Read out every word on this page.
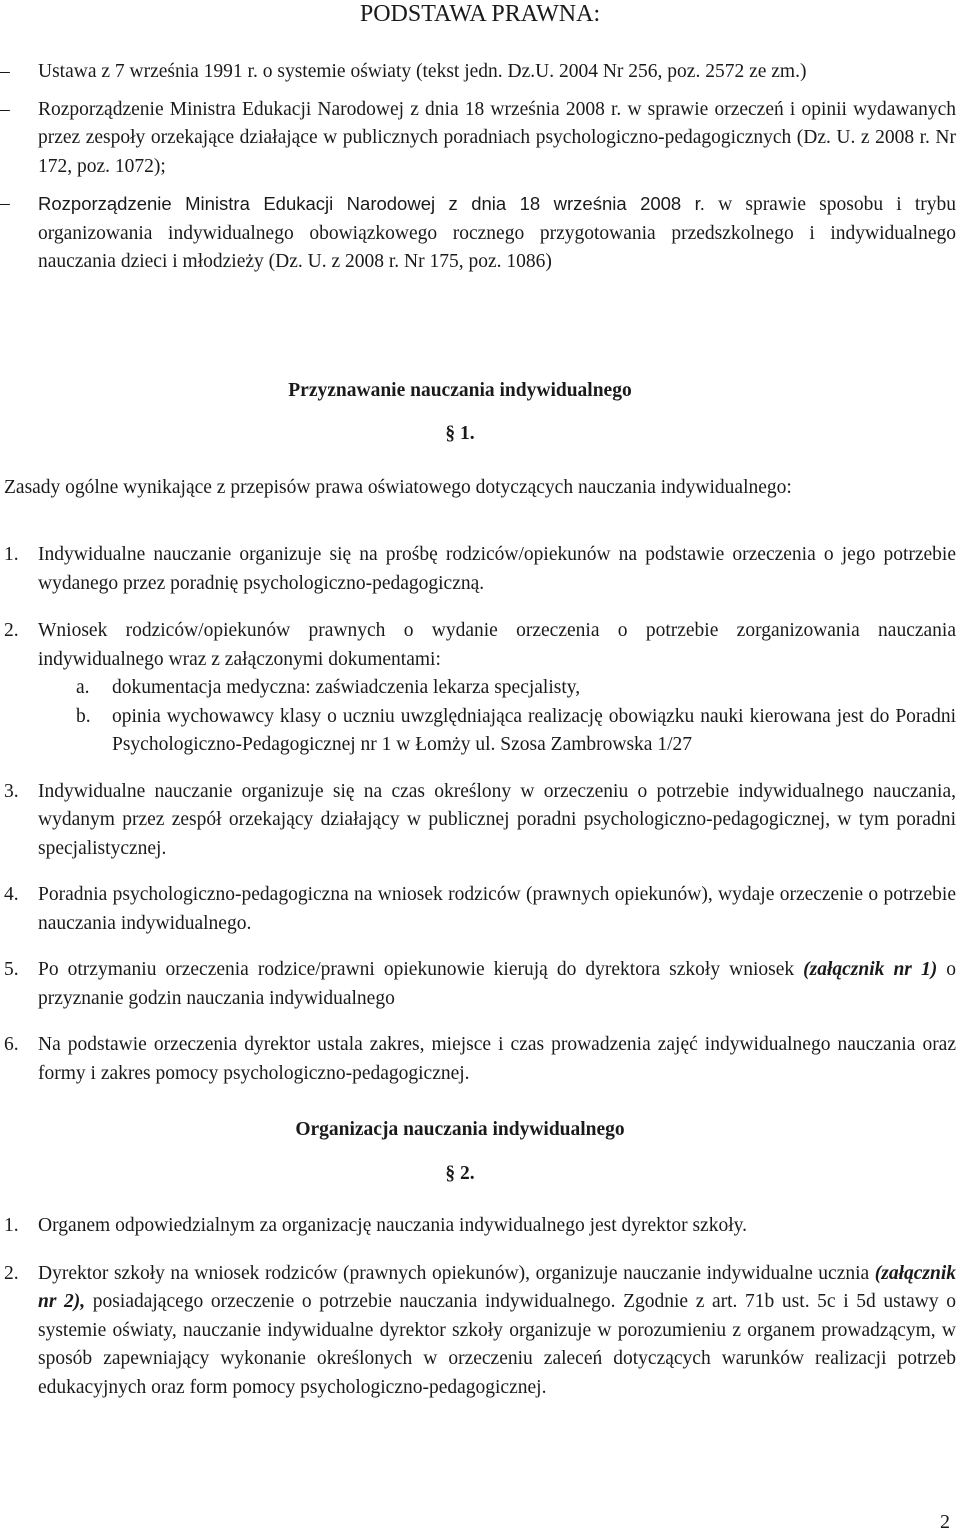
PODSTAWA PRAWNA:
– Ustawa z 7 września 1991 r. o systemie oświaty (tekst jedn. Dz.U. 2004 Nr 256, poz. 2572 ze zm.)
– Rozporządzenie Ministra Edukacji Narodowej z dnia 18 września 2008 r. w sprawie orzeczeń i opinii wydawanych przez zespoły orzekające działające w publicznych poradniach psychologiczno-pedagogicznych (Dz. U. z 2008 r. Nr 172, poz. 1072);
– Rozporządzenie Ministra Edukacji Narodowej z dnia 18 września 2008 r. w sprawie sposobu i trybu organizowania indywidualnego obowiązkowego rocznego przygotowania przedszkolnego i indywidualnego nauczania dzieci i młodzieży (Dz. U. z 2008 r. Nr 175, poz. 1086)
Przyznawanie nauczania indywidualnego
§ 1.
Zasady ogólne wynikające z przepisów prawa oświatowego dotyczących nauczania indywidualnego:
1. Indywidualne nauczanie organizuje się na prośbę rodziców/opiekunów na podstawie orzeczenia o jego potrzebie wydanego przez poradnię psychologiczno-pedagogiczną.
2. Wniosek rodziców/opiekunów prawnych o wydanie orzeczenia o potrzebie zorganizowania nauczania indywidualnego wraz z załączonymi dokumentami:
a. dokumentacja medyczna: zaświadczenia lekarza specjalisty,
b. opinia wychowawcy klasy o uczniu uwzględniająca realizację obowiązku nauki kierowana jest do Poradni Psychologiczno-Pedagogicznej nr 1 w Łomży ul. Szosa Zambrowska 1/27
3. Indywidualne nauczanie organizuje się na czas określony w orzeczeniu o potrzebie indywidualnego nauczania, wydanym przez zespół orzekający działający w publicznej poradni psychologiczno-pedagogicznej, w tym poradni specjalistycznej.
4. Poradnia psychologiczno-pedagogiczna na wniosek rodziców (prawnych opiekunów), wydaje orzeczenie o potrzebie nauczania indywidualnego.
5. Po otrzymaniu orzeczenia rodzice/prawni opiekunowie kierują do dyrektora szkoły wniosek (załącznik nr 1) o przyznanie godzin nauczania indywidualnego
6. Na podstawie orzeczenia dyrektor ustala zakres, miejsce i czas prowadzenia zajęć indywidualnego nauczania oraz formy i zakres pomocy psychologiczno-pedagogicznej.
Organizacja nauczania indywidualnego
§ 2.
1. Organem odpowiedzialnym za organizację nauczania indywidualnego jest dyrektor szkoły.
2. Dyrektor szkoły na wniosek rodziców (prawnych opiekunów), organizuje nauczanie indywidualne ucznia (załącznik nr 2), posiadającego orzeczenie o potrzebie nauczania indywidualnego. Zgodnie z art. 71b ust. 5c i 5d ustawy o systemie oświaty, nauczanie indywidualne dyrektor szkoły organizuje w porozumieniu z organem prowadzącym, w sposób zapewniający wykonanie określonych w orzeczeniu zaleceń dotyczących warunków realizacji potrzeb edukacyjnych oraz form pomocy psychologiczno-pedagogicznej.
2
